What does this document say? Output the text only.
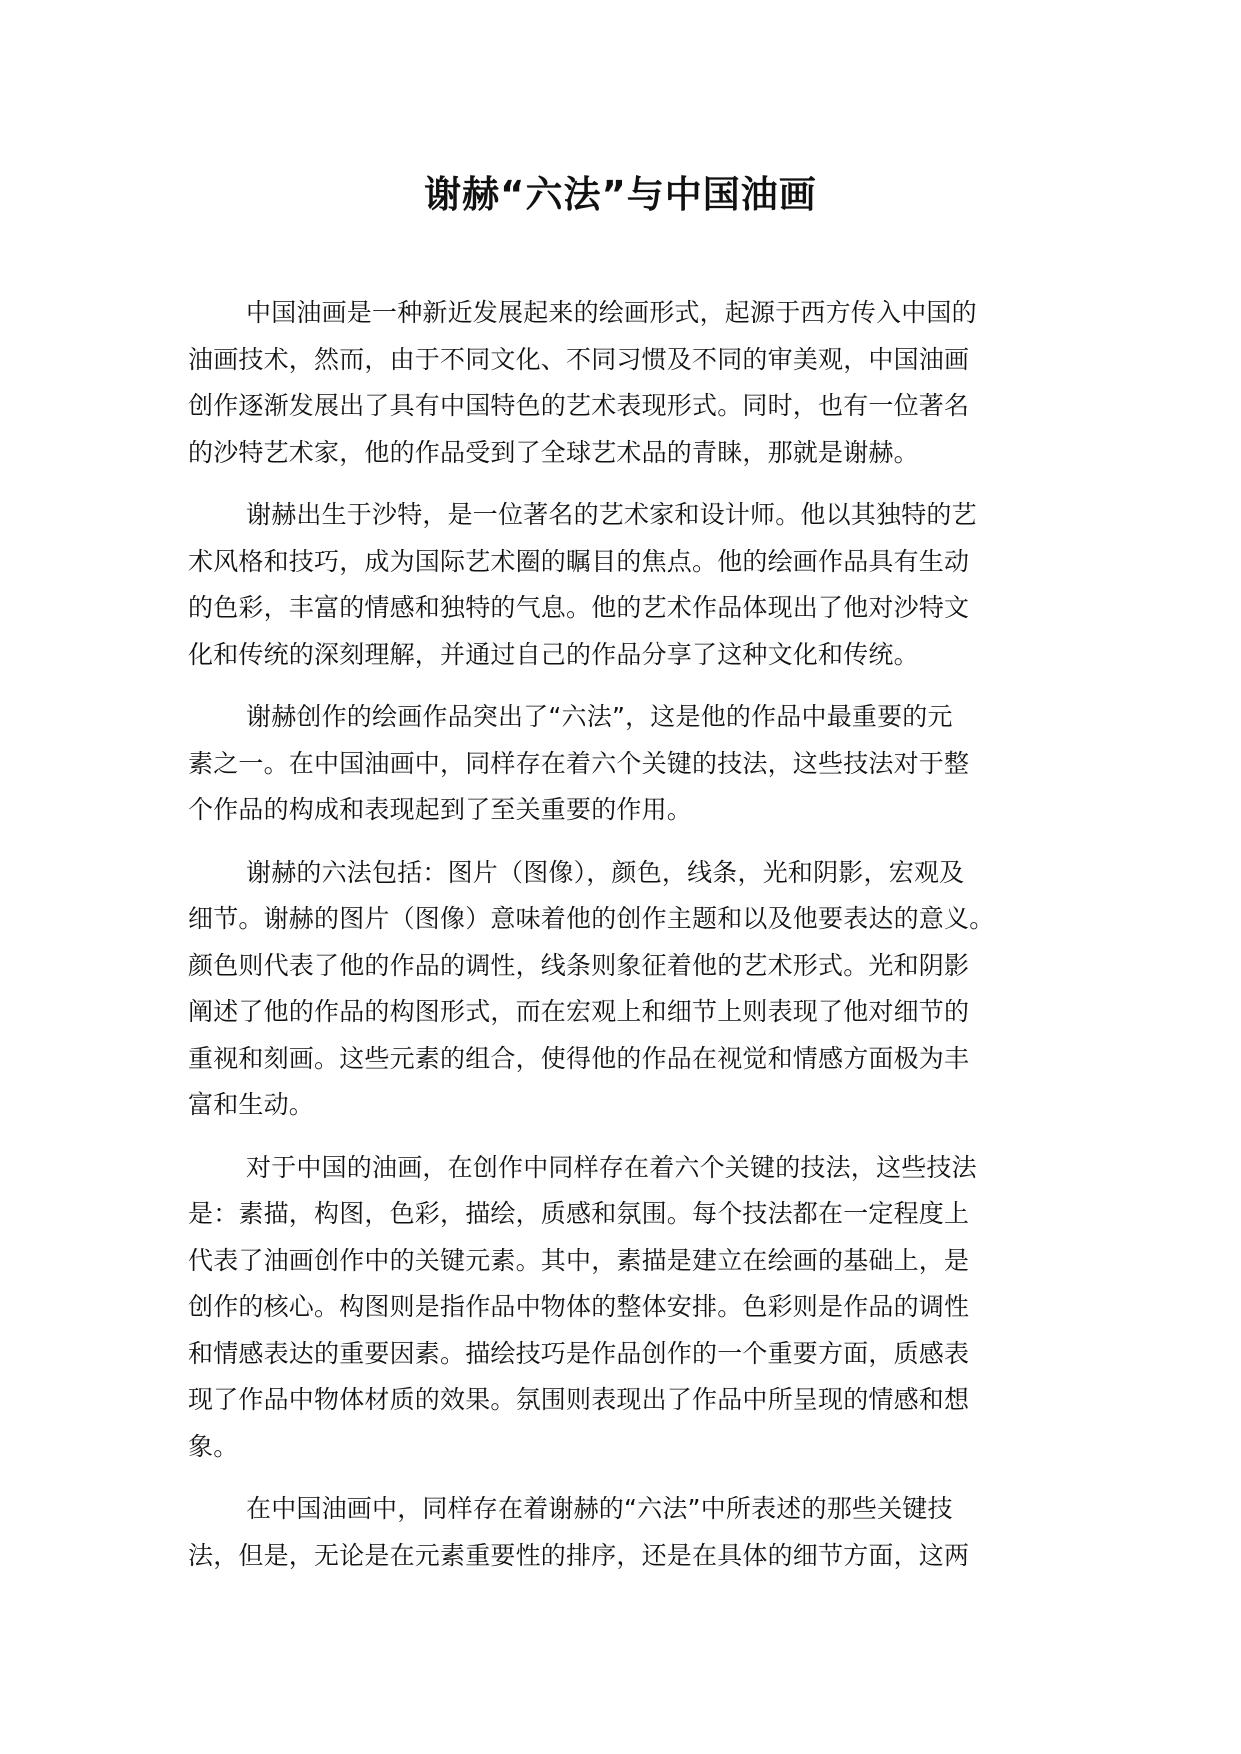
谢赫“六法”与中国油画
中国油画是一种新近发展起来的绘画形式，起源于西方传入中国的
油画技术，然而，由于不同文化、不同习惯及不同的审美观，中国油画
创作逐渐发展出了具有中国特色的艺术表现形式。同时，也有一位著名
的沙特艺术家，他的作品受到了全球艺术品的青睐，那就是谢赫。
谢赫出生于沙特，是一位著名的艺术家和设计师。他以其独特的艺
术风格和技巧，成为国际艺术圈的瞩目的焦点。他的绘画作品具有生动
的色彩，丰富的情感和独特的气息。他的艺术作品体现出了他对沙特文
化和传统的深刻理解，并通过自己的作品分享了这种文化和传统。
谢赫创作的绘画作品突出了“六法”，这是他的作品中最重要的元
素之一。在中国油画中，同样存在着六个关键的技法，这些技法对于整
个作品的构成和表现起到了至关重要的作用。
谢赫的六法包括：图片（图像），颜色，线条，光和阴影，宏观及
细节。谢赫的图片（图像）意味着他的创作主题和以及他要表达的意义。
颜色则代表了他的作品的调性，线条则象征着他的艺术形式。光和阴影
阐述了他的作品的构图形式，而在宏观上和细节上则表现了他对细节的
重视和刻画。这些元素的组合，使得他的作品在视觉和情感方面极为丰
富和生动。
对于中国的油画，在创作中同样存在着六个关键的技法，这些技法
是：素描，构图，色彩，描绘，质感和氛围。每个技法都在一定程度上
代表了油画创作中的关键元素。其中，素描是建立在绘画的基础上，是
创作的核心。构图则是指作品中物体的整体安排。色彩则是作品的调性
和情感表达的重要因素。描绘技巧是作品创作的一个重要方面，质感表
现了作品中物体材质的效果。氛围则表现出了作品中所呈现的情感和想
象。
在中国油画中，同样存在着谢赫的“六法”中所表述的那些关键技
法，但是，无论是在元素重要性的排序，还是在具体的细节方面，这两
